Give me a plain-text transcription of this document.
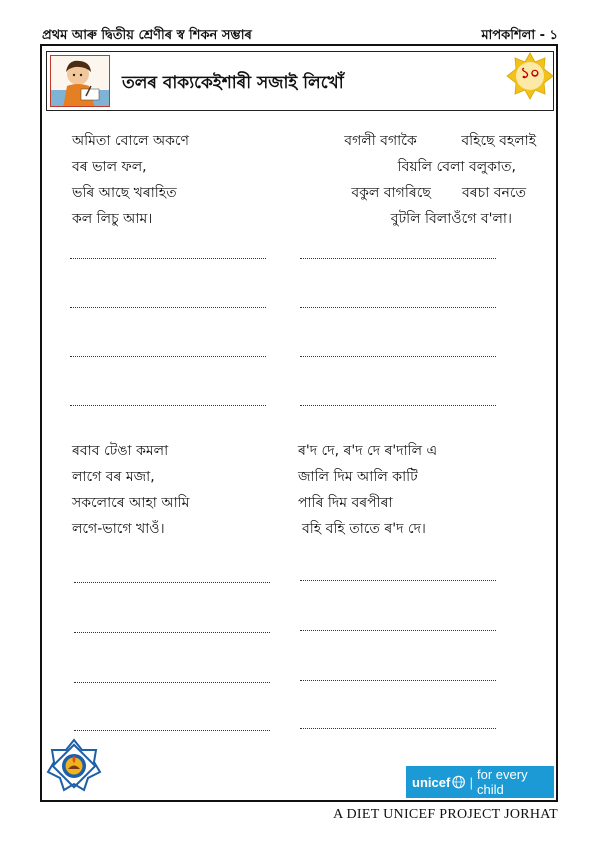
প্ৰথম আৰু দ্বিতীয় শ্ৰেণীৰ স্ব শিকন সম্ভাৰ	মাপকশিলা - ১
তলৰ বাক্যকেইশাৰী সজাই লিখোঁ	১০
অমিতা বোলে অকণে
বৰ ভাল ফল,
ভৰি আছে খৰাহিত
কল লিচু আম।
বগলী বগাকৈ          বহিছে বহলাই
বিয়লি বেলা বলুকাত,
বকুল বাগৰিছে       বৰচা বনতে
বুটলি বিলাওঁগে ব'লা।
ৰবাব টেঙা কমলা
লাগে বৰ মজা,
সকলোৰে আহা আমি
লগে-ভাগে খাওঁ।
ৰ'দ দে, ৰ'দ দে ৰ'দালি এ
জালি দিম আলি কাটি
পাৰি দিম বৰপীৰা
বহি বহি তাতে ৰ'দ দে।
unicef | for every child
A DIET UNICEF PROJECT JORHAT
